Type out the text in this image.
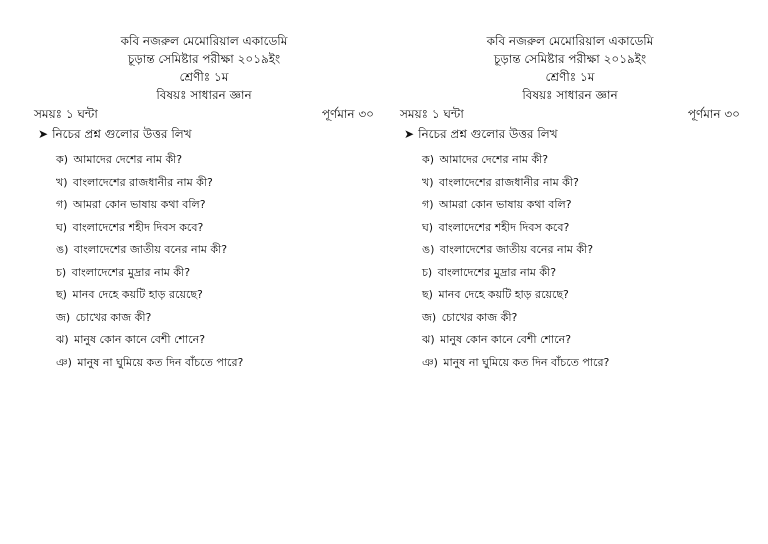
কবি নজরুল মেমোরিয়াল একাডেমি
চূড়ান্ত সেমিষ্টার পরীক্ষা ২০১৯ইং
শ্রেণীঃ ১ম
বিষয়ঃ সাধারন জ্ঞান
সময়ঃ ১ ঘন্টা	পূর্ণমান ৩০
➤ নিচের প্রশ্ন গুলোর উত্তর লিখ
ক) আমাদের দেশের নাম কী?
খ) বাংলাদেশের রাজধানীর নাম কী?
গ) আমরা কোন ভাষায় কথা বলি?
ঘ) বাংলাদেশের শহীদ দিবস কবে?
ঙ) বাংলাদেশের জাতীয় বনের নাম কী?
চ) বাংলাদেশের মুদ্রার নাম কী?
ছ) মানব দেহে কয়টি হাড় রয়েছে?
জ) চোখের কাজ কী?
ঝ) মানুষ কোন কানে বেশী শোনে?
ঞ) মানুষ না ঘুমিয়ে কত দিন বাঁচতে পারে?
কবি নজরুল মেমোরিয়াল একাডেমি
চূড়ান্ত সেমিষ্টার পরীক্ষা ২০১৯ইং
শ্রেণীঃ ১ম
বিষয়ঃ সাধারন জ্ঞান
সময়ঃ ১ ঘন্টা	পূর্ণমান ৩০
➤ নিচের প্রশ্ন গুলোর উত্তর লিখ
ক) আমাদের দেশের নাম কী?
খ) বাংলাদেশের রাজধানীর নাম কী?
গ) আমরা কোন ভাষায় কথা বলি?
ঘ) বাংলাদেশের শহীদ দিবস কবে?
ঙ) বাংলাদেশের জাতীয় বনের নাম কী?
চ) বাংলাদেশের মুদ্রার নাম কী?
ছ) মানব দেহে কয়টি হাড় রয়েছে?
জ) চোখের কাজ কী?
ঝ) মানুষ কোন কানে বেশী শোনে?
ঞ) মানুষ না ঘুমিয়ে কত দিন বাঁচতে পারে?
